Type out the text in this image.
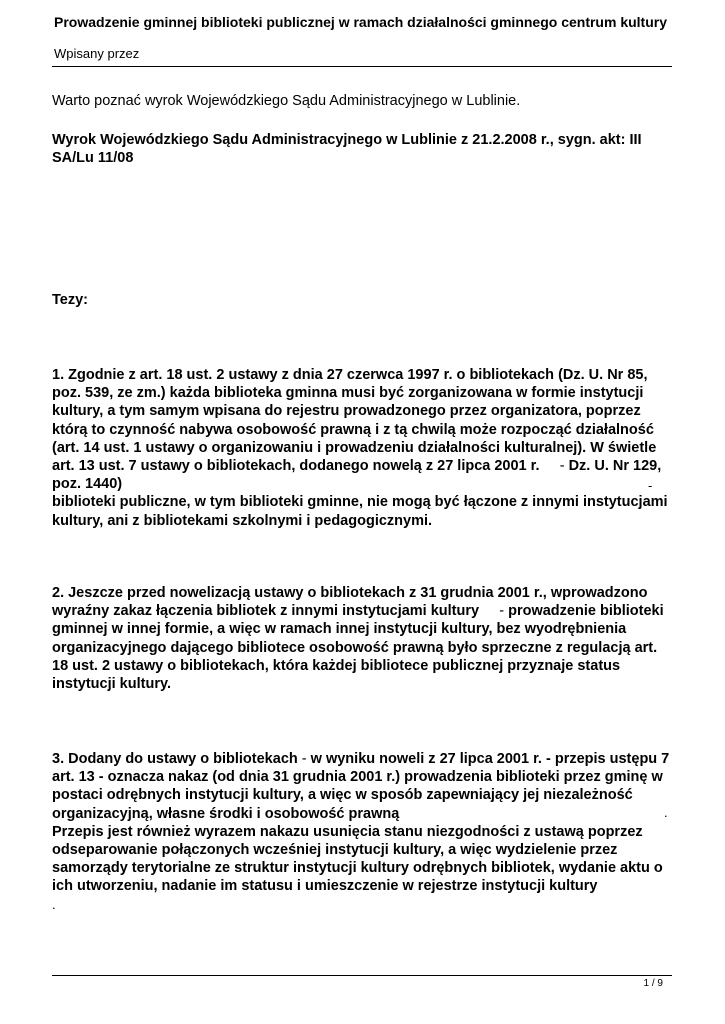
Prowadzenie gminnej biblioteki publicznej w ramach działalności gminnego centrum kultury
Wpisany przez
Warto poznać wyrok Wojewódzkiego Sądu Administracyjnego w Lublinie.
Wyrok Wojewódzkiego Sądu Administracyjnego w Lublinie z 21.2.2008 r., sygn. akt: III SA/Lu 11/08
Tezy:

1. Zgodnie z art. 18 ust. 2 ustawy z dnia 27 czerwca 1997 r. o bibliotekach (Dz. U. Nr 85, poz. 539, ze zm.) każda biblioteka gminna musi być zorganizowana w formie instytucji kultury, a tym samym wpisana do rejestru prowadzonego przez organizatora, poprzez którą to czynność nabywa osobowość prawną i z tą chwilą może rozpocząć działalność (art. 14 ust. 1 ustawy o organizowaniu i prowadzeniu działalności kulturalnej). W świetle art. 13 ust. 7 ustawy o bibliotekach, dodanego nowelą z 27 lipca 2001 r. - Dz. U. Nr 129, poz. 1440)

biblioteki publiczne, w tym biblioteki gminne, nie mogą być łączone z innymi instytucjami kultury, ani z bibliotekami szkolnymi i pedagogicznymi.

-

2. Jeszcze przed nowelizacją ustawy o bibliotekach z 31 grudnia 2001 r., wprowadzono wyraźny zakaz łączenia bibliotek z innymi instytucjami kultury - prowadzenie biblioteki gminnej w innej formie, a więc w ramach innej instytucji kultury, bez wyodrębnienia organizacyjnego dającego bibliotece osobowość prawną było sprzeczne z regulacją art. 18 ust. 2 ustawy o bibliotekach, która każdej bibliotece publicznej przyznaje status instytucji kultury.

3. Dodany do ustawy o bibliotekach - w wyniku noweli z 27 lipca 2001 r. - przepis ustępu 7 art. 13 - oznacza nakaz (od dnia 31 grudnia 2001 r.) prowadzenia biblioteki przez gminę w postaci odrębnych instytucji kultury, a więc w sposób zapewniający jej niezależność organizacyjną, własne środki i osobowość prawną

Przepis jest również wyrazem nakazu usunięcia stanu niezgodności z ustawą poprzez odseparowanie połączonych wcześniej instytucji kultury, a więc wydzielenie przez samorządy terytorialne ze struktur instytucji kultury odrębnych bibliotek, wydanie aktu o ich utworzeniu, nadanie im statusu i umieszczenie w rejestrze instytucji kultury

.
.
1 / 9
